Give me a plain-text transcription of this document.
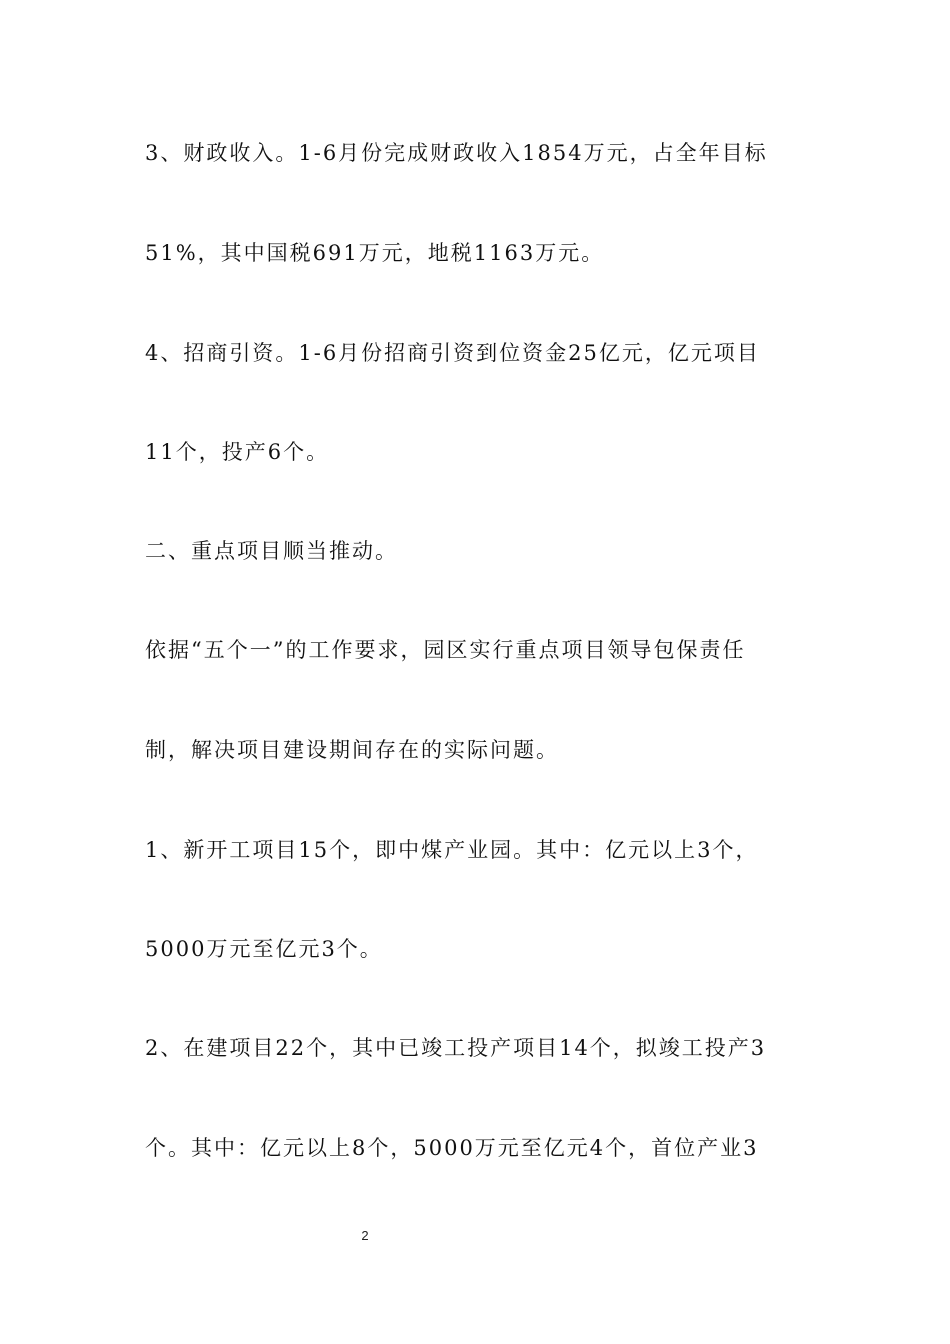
3、财政收入。1-6月份完成财政收入1854万元，占全年目标
51%，其中国税691万元，地税1163万元。
4、招商引资。1-6月份招商引资到位资金25亿元，亿元项目
11个，投产6个。
二、重点项目顺当推动。
依据“五个一”的工作要求，园区实行重点项目领导包保责任
制，解决项目建设期间存在的实际问题。
1、新开工项目15个，即中煤产业园。其中：亿元以上3个，
5000万元至亿元3个。
2、在建项目22个，其中已竣工投产项目14个，拟竣工投产3
个。其中：亿元以上8个，5000万元至亿元4个，首位产业3
2
